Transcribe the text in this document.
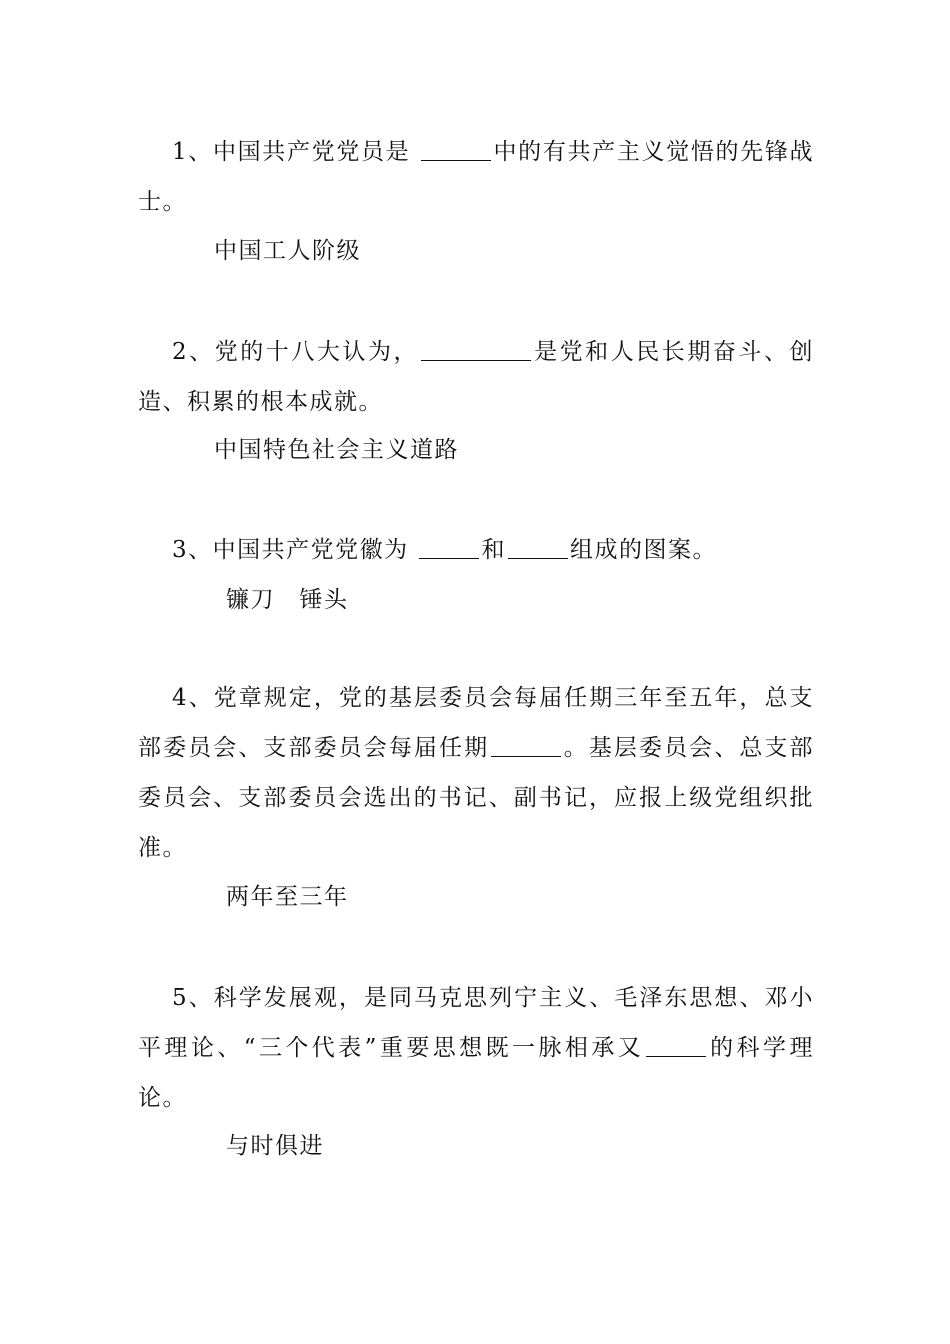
1、中国共产党党员是	中的有共产主义觉悟的先锋战士。

中国工人阶级

2、党的十八大认为，	是党和人民长期奋斗、创造、积累的根本成就。

中国特色社会主义道路

3、中国共产党党徽为	和	组成的图案。

镰刀　锤头

4、党章规定，党的基层委员会每届任期三年至五年，总支部委员会、支部委员会每届任期	。基层委员会、总支部委员会、支部委员会选出的书记、副书记，应报上级党组织批准。

两年至三年

5、科学发展观，是同马克思列宁主义、毛泽东思想、邓小平理论、“三个代表”重要思想既一脉相承又	的科学理论。

与时俱进
